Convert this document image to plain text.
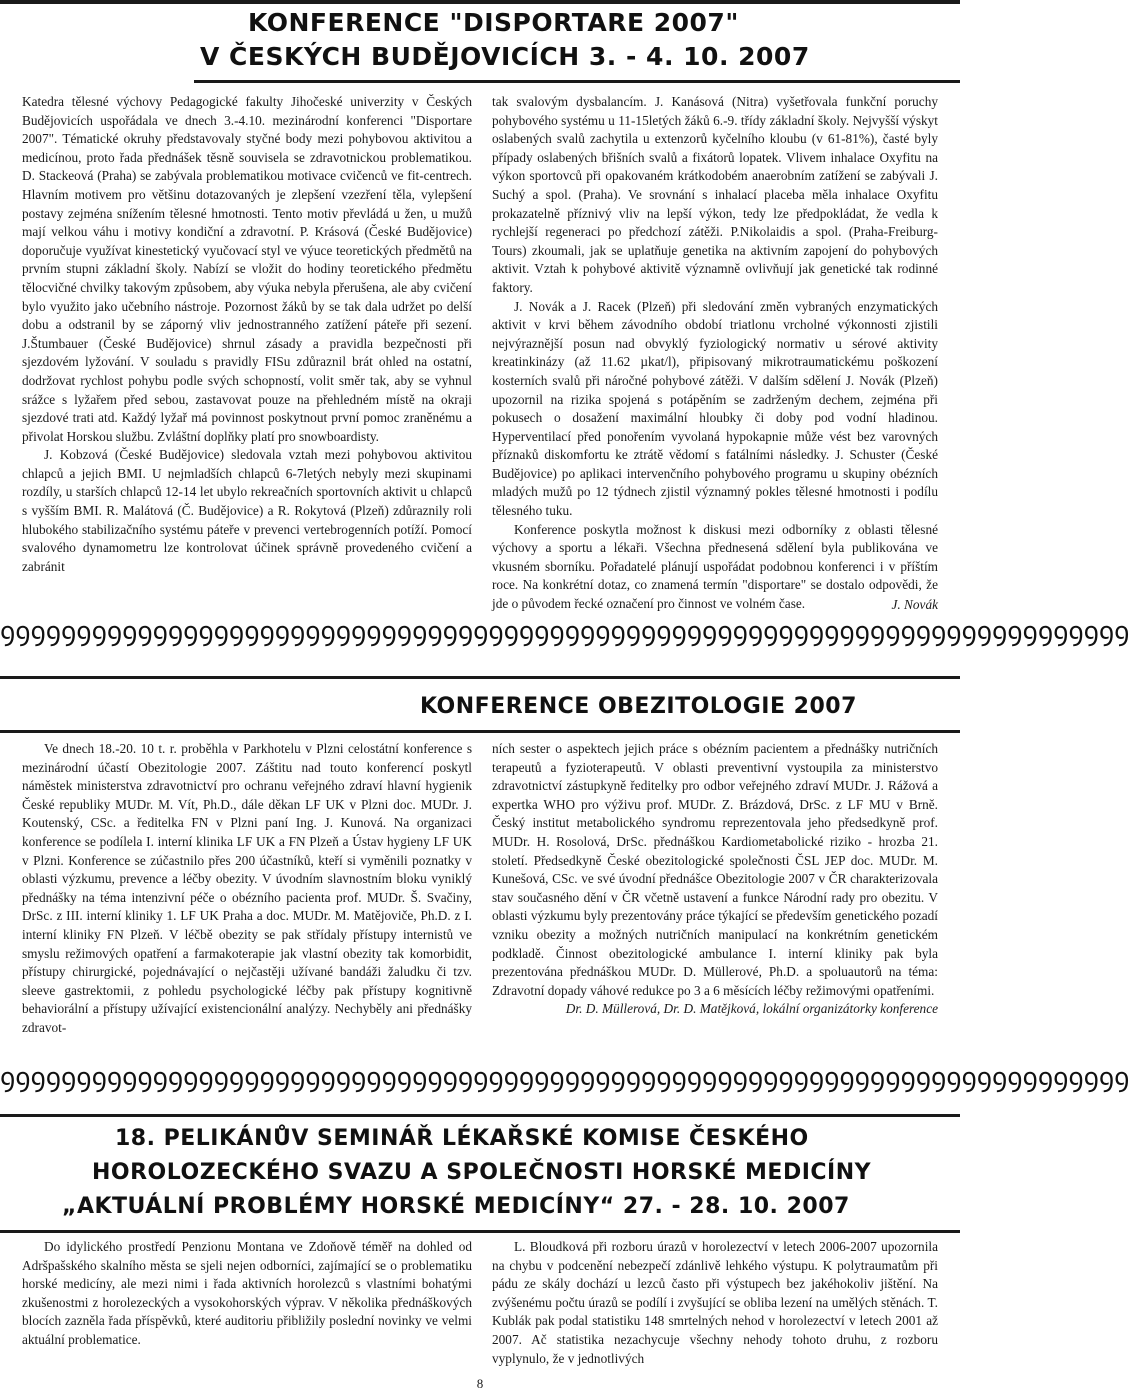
KONFERENCE "DISPORTARE 2007"
V ČESKÝCH BUDĚJOVICÍCH 3. - 4. 10. 2007

Katedra tělesné výchovy Pedagogické fakulty Jihočeské univerzity v Českých Budějovicích uspořádala ve dnech 3.-4.10. mezinárodní konferenci "Disportare 2007". Tématické okruhy představovaly styčné body mezi pohybovou aktivitou a medicínou, proto řada přednášek těsně souvisela se zdravotnickou problematikou. D. Stackeová (Praha) se zabývala problematikou motivace cvičenců ve fit-centrech. Hlavním motivem pro většinu dotazovaných je zlepšení vzezření těla, vylepšení postavy zejména snížením tělesné hmotnosti. Tento motiv převládá u žen, u mužů mají velkou váhu i motivy kondiční a zdravotní. P. Krásová (České Budějovice) doporučuje využívat kinestetický vyučovací styl ve výuce teoretických předmětů na prvním stupni základní školy. Nabízí se vložit do hodiny teoretického předmětu tělocvičné chvilky takovým způsobem, aby výuka nebyla přerušena, ale aby cvičení bylo využito jako učebního nástroje. Pozornost žáků by se tak dala udržet po delší dobu a odstranil by se záporný vliv jednostranného zatížení páteře při sezení. J.Štumbauer (České Budějovice) shrnul zásady a pravidla bezpečnosti při sjezdovém lyžování. V souladu s pravidly FISu zdůraznil brát ohled na ostatní, dodržovat rychlost pohybu podle svých schopností, volit směr tak, aby se vyhnul srážce s lyžařem před sebou, zastavovat pouze na přehledném místě na okraji sjezdové trati atd. Každý lyžař má povinnost poskytnout první pomoc zraněnému a přivolat Horskou službu. Zvláštní doplňky platí pro snowboardisty.

J. Kobzová (České Budějovice) sledovala vztah mezi pohybovou aktivitou chlapců a jejich BMI. U nejmladších chlapců 6-7letých nebyly mezi skupinami rozdíly, u starších chlapců 12-14 let ubylo rekreačních sportovních aktivit u chlapců s vyšším BMI. R. Malátová (Č. Budějovice) a R. Rokytová (Plzeň) zdůraznily roli hlubokého stabilizačního systému páteře v prevenci vertebrogenních potíží. Pomocí svalového dynamometru lze kontrolovat účinek správně provedeného cvičení a zabránit

tak svalovým dysbalancím. J. Kanásová (Nitra) vyšetřovala funkční poruchy pohybového systému u 11-15letých žáků 6.-9. třídy základní školy. Nejvyšší výskyt oslabených svalů zachytila u extenzorů kyčelního kloubu (v 61-81%), časté byly případy oslabených břišních svalů a fixátorů lopatek. Vlivem inhalace Oxyfitu na výkon sportovců při opakovaném krátkodobém anaerobním zatížení se zabývali J. Suchý a spol. (Praha). Ve srovnání s inhalací placeba měla inhalace Oxyfitu prokazatelně příznivý vliv na lepší výkon, tedy lze předpokládat, že vedla k rychlejší regeneraci po předchozí zátěži. P.Nikolaidis a spol. (Praha-Freiburg-Tours) zkoumali, jak se uplatňuje genetika na aktivním zapojení do pohybových aktivit. Vztah k pohybové aktivitě významně ovlivňují jak genetické tak rodinné faktory.

J. Novák a J. Racek (Plzeň) při sledování změn vybraných enzymatických aktivit v krvi během závodního období triatlonu vrcholné výkonnosti zjistili nejvýraznější posun nad obvyklý fyziologický normativ u sérové aktivity kreatinkinázy (až 11.62 µkat/l), připisovaný mikrotraumatickému poškození kosterních svalů při náročné pohybové zátěži. V dalším sdělení J. Novák (Plzeň) upozornil na rizika spojená s potápěním se zadrženým dechem, zejména při pokusech o dosažení maximální hloubky či doby pod vodní hladinou. Hyperventilací před ponořením vyvolaná hypokapnie může vést bez varovných příznaků diskomfortu ke ztrátě vědomí s fatálními následky. J. Schuster (České Budějovice) po aplikaci intervenčního pohybového programu u skupiny obézních mladých mužů po 12 týdnech zjistil významný pokles tělesné hmotnosti i podílu tělesného tuku.

Konference poskytla možnost k diskusi mezi odborníky z oblasti tělesné výchovy a sportu a lékaři. Všechna přednesená sdělení byla publikována ve vkusném sborníku. Pořadatelé plánují uspořádat podobnou konferenci i v příštím roce. Na konkrétní dotaz, co znamená termín "disportare" se dostalo odpovědi, že jde o původem řecké označení pro činnost ve volném čase.	J. Novák
ꝯꝯꝯꝯꝯꝯꝯꝯꝯꝯꝯꝯꝯꝯꝯꝯꝯꝯꝯꝯꝯꝯꝯꝯꝯꝯꝯꝯꝯꝯꝯꝯꝯꝯꝯꝯꝯꝯꝯꝯꝯꝯꝯꝯꝯꝯꝯꝯꝯꝯꝯꝯꝯꝯꝯꝯꝯꝯꝯꝯꝯꝯꝯꝯꝯꝯꝯꝯꝯꝯꝯꝯꝯꝯ
KONFERENCE OBEZITOLOGIE 2007

Ve dnech 18.-20. 10 t. r. proběhla v Parkhotelu v Plzni celostátní konference s mezinárodní účastí Obezitologie 2007. Záštitu nad touto konferencí poskytl náměstek ministerstva zdravotnictví pro ochranu veřejného zdraví hlavní hygienik České republiky MUDr. M. Vít, Ph.D., dále děkan LF UK v Plzni doc. MUDr. J. Koutenský, CSc. a ředitelka FN v Plzni paní Ing. J. Kunová. Na organizaci konference se podílela I. interní klinika LF UK a FN Plzeň a Ústav hygieny LF UK v Plzni. Konference se zúčastnilo přes 200 účastníků, kteří si vyměnili poznatky v oblasti výzkumu, prevence a léčby obezity. V úvodním slavnostním bloku vyniklý přednášky na téma intenzivní péče o obézního pacienta prof. MUDr. Š. Svačiny, DrSc. z III. interní kliniky 1. LF UK Praha a doc. MUDr. M. Matějoviče, Ph.D. z I. interní kliniky FN Plzeň. V léčbě obezity se pak střídaly přístupy internistů ve smyslu režimových opatření a farmakoterapie jak vlastní obezity tak komorbidit, přístupy chirurgické, pojednávající o nejčastěji užívané bandáži žaludku či tzv. sleeve gastrektomii, z pohledu psychologické léčby pak přístupy kognitivně behaviorální a přístupy užívající existencionální analýzy. Nechyběly ani přednášky zdravot-

ních sester o aspektech jejich práce s obézním pacientem a přednášky nutričních terapeutů a fyzioterapeutů. V oblasti preventivní vystoupila za ministerstvo zdravotnictví zástupkyně ředitelky pro odbor veřejného zdraví MUDr. J. Rážová a expertka WHO pro výživu prof. MUDr. Z. Brázdová, DrSc. z LF MU v Brně. Český institut metabolického syndromu reprezentovala jeho předsedkyně prof. MUDr. H. Rosolová, DrSc. přednáškou Kardiometabolické riziko - hrozba 21. století. Předsedkyně České obezitologické společnosti ČSL JEP doc. MUDr. M. Kunešová, CSc. ve své úvodní přednášce Obezitologie 2007 v ČR charakterizovala stav současného dění v ČR včetně ustavení a funkce Národní rady pro obezitu. V oblasti výzkumu byly prezentovány práce týkající se především genetického pozadí vzniku obezity a možných nutričních manipulací na konkrétním genetickém podkladě. Činnost obezitologické ambulance I. interní kliniky pak byla prezentována přednáškou MUDr. D. Müllerové, Ph.D. a spoluautorů na téma: Zdravotní dopady váhové redukce po 3 a 6 měsících léčby režimovými opatřeními.

Dr. D. Müllerová, Dr. D. Matějková, lokální organizátorky konference
ꝯꝯꝯꝯꝯꝯꝯꝯꝯꝯꝯꝯꝯꝯꝯꝯꝯꝯꝯꝯꝯꝯꝯꝯꝯꝯꝯꝯꝯꝯꝯꝯꝯꝯꝯꝯꝯꝯꝯꝯꝯꝯꝯꝯꝯꝯꝯꝯꝯꝯꝯꝯꝯꝯꝯꝯꝯꝯꝯꝯꝯꝯꝯꝯꝯꝯꝯꝯꝯꝯꝯꝯꝯꝯ
18. PELIKÁNŮV SEMINÁŘ LÉKAŘSKÉ KOMISE ČESKÉHO
HOROLOZECKÉHO SVAZU A SPOLEČNOSTI HORSKÉ MEDICÍNY
„AKTUÁLNÍ PROBLÉMY HORSKÉ MEDICÍNY“ 27. - 28. 10. 2007

Do idylického prostředí Penzionu Montana ve Zdoňově téměř na dohled od Adršpašského skalního města se sjeli nejen odborníci, zajímající se o problematiku horské medicíny, ale mezi nimi i řada aktivních horolezců s vlastními bohatými zkušenostmi z horolezeckých a vysokohorských výprav. V několika přednáškových blocích zazněla řada příspěvků, které auditoriu přibližily poslední novinky ve velmi aktuální problematice.

L. Bloudková při rozboru úrazů v horolezectví v letech 2006-2007 upozornila na chybu v podcenění nebezpečí zdánlivě lehkého výstupu. K polytraumatům při pádu ze skály dochází u lezců často při výstupech bez jakéhokoliv jištění. Na zvýšenému počtu úrazů se podílí i zvyšující se obliba lezení na umělých stěnách. T. Kublák pak podal statistiku 148 smrtelných nehod v horolezectví v letech 2001 až 2007. Ač statistika nezachycuje všechny nehody tohoto druhu, z rozboru vyplynulo, že v jednotlivých

8
